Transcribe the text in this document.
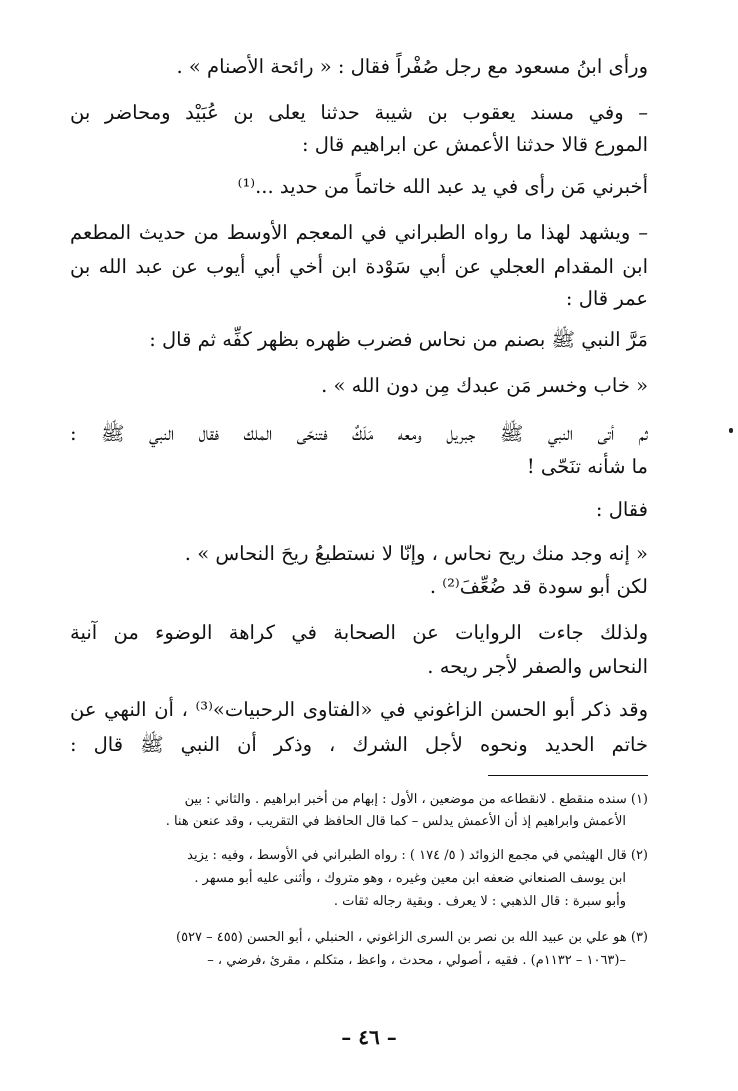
ورأى ابنُ مسعود مع رجل صُفْراً فقال : « رائحة الأصنام » .
– وفي مسند يعقوب بن شيبة حدثنا يعلى بن عُبَيْد ومحاضر بن
المورع قالا حدثنا الأعمش عن ابراهيم قال :
أخبرني مَن رأى في يد عبد الله خاتماً من حديد ...⁽¹⁾
– ويشهد لهذا ما رواه الطبراني في المعجم الأوسط من حديث المطعم
ابن المقدام العجلي عن أبي سَوْدة ابن أخي أبي أيوب عن عبد الله بن
عمر قال :
مَرَّ النبي ﷺ بصنم من نحاس فضرب ظهره بظهر كفِّه ثم قال :
« خاب وخسر مَن عبدك مِن دون الله » .
ثم أتى النبي ﷺ جبريل ومعه مَلَكٌ فتنحّى الملك فقال النبي ﷺ :
ما شأنه تنَحّى !
فقال :
« إنه وجد منك ريح نحاس ، وإنّا لا نستطيعُ ريحَ النحاس » .
لكن أبو سودة قد ضُعِّفَ⁽²⁾ .
ولذلك جاءت الروايات عن الصحابة في كراهة الوضوء من آنية
النحاس والصفر لأجر ريحه .
وقد ذكر أبو الحسن الزاغوني في «الفتاوى الرحبيات»⁽³⁾ ، أن النهي عن
خاتم الحديد ونحوه لأجل الشرك ، وذكر أن النبي ﷺ قال :
(١) سنده منقطع . لانقطاعه من موضعين ، الأول : إبهام من أخبر ابراهيم . والثاني : بين
الأعمش وابراهيم إذ أن الأعمش يدلس – كما قال الحافظ في التقريب ، وقد عنعن هنا .
(٢) قال الهيثمي في مجمع الزوائد ( ٥/ ١٧٤ ) : رواه الطبراني في الأوسط ، وفيه : يزيد
ابن يوسف الصنعاني ضعفه ابن معين وغيره ، وهو متروك ، وأثنى عليه أبو مسهر .
وأبو سبرة : قال الذهبي : لا يعرف . وبقية رجاله ثقات .
(٣) هو علي بن عبيد الله بن نصر بن السرى الزاغوني ، الحنبلي ، أبو الحسن (٤٥٥ – ٥٢٧)
–(١٠٦٣ – ١١٣٢م) . فقيه ، أصولي ، محدث ، واعظ ، متكلم ، مقرئ ،فرضي ، –
– ٤٦ –
